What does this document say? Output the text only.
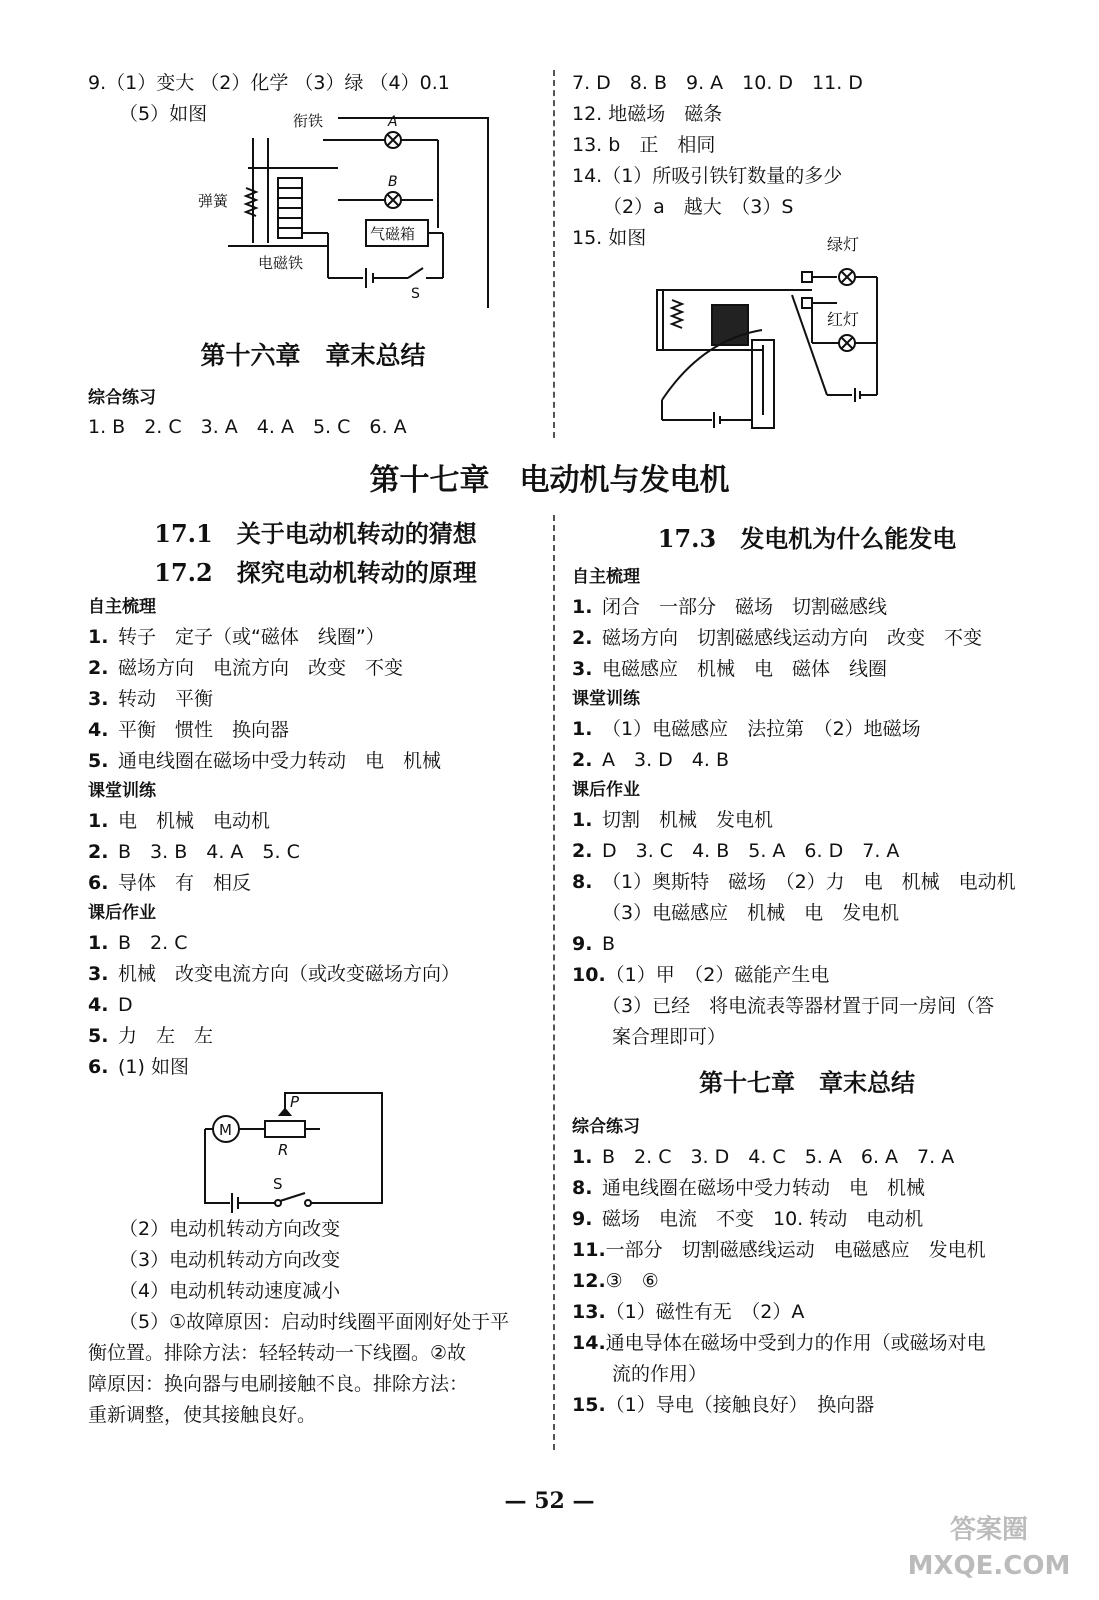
9.（1）变大 （2）化学 （3）绿 （4）0.1
（5）如图	衔铁
弹簧
电磁铁
气磁箱
A
B
S
第十六章　章末总结
综合练习
1. B　2. C　3. A　4. A　5. C　6. A
7. D　8. B　9. A　10. D　11. D
12. 地磁场　磁条
13. b　正　相同
14.（1）所吸引铁钉数量的多少
（2）a　越大　（3）S
15. 如图	绿灯
红灯
第十七章　电动机与发电机
17.1　关于电动机转动的猜想
17.2　探究电动机转动的原理
自主梳理
1. 转子　定子（或“磁体　线圈”）
2. 磁场方向　电流方向　改变　不变
3. 转动　平衡
4. 平衡　惯性　换向器
5. 通电线圈在磁场中受力转动　电　机械
课堂训练
1. 电　机械　电动机
2. B　3. B　4. A　5. C
6. 导体　有　相反
课后作业
1. B　2. C
3. 机械　改变电流方向（或改变磁场方向）
4. D
5. 力　左　左
6. (1) 如图
M
P
R
S
（2）电动机转动方向改变
（3）电动机转动方向改变
（4）电动机转动速度减小
（5）①故障原因：启动时线圈平面刚好处于平
衡位置。排除方法：轻轻转动一下线圈。②故
障原因：换向器与电刷接触不良。排除方法：
重新调整，使其接触良好。
17.3　发电机为什么能发电
自主梳理
1. 闭合　一部分　磁场　切割磁感线
2. 磁场方向　切割磁感线运动方向　改变　不变
3. 电磁感应　机械　电　磁体　线圈
课堂训练
1. （1）电磁感应　法拉第　（2）地磁场
2. A　3. D　4. B
课后作业
1. 切割　机械　发电机
2. D　3. C　4. B　5. A　6. D　7. A
8. （1）奥斯特　磁场　（2）力　电　机械　电动机
（3）电磁感应　机械　电　发电机
9. B
10.（1）甲　（2）磁能产生电
（3）已经　将电流表等器材置于同一房间（答
案合理即可）
第十七章　章末总结
综合练习
1. B　2. C　3. D　4. C　5. A　6. A　7. A
8. 通电线圈在磁场中受力转动　电　机械
9. 磁场　电流　不变　10. 转动　电动机
11.一部分　切割磁感线运动　电磁感应　发电机
12.③　⑥
13.（1）磁性有无　（2）A
14.通电导体在磁场中受到力的作用（或磁场对电
流的作用）
15.（1）导电（接触良好）　换向器
— 52 —
答案圈 MXQE.COM
